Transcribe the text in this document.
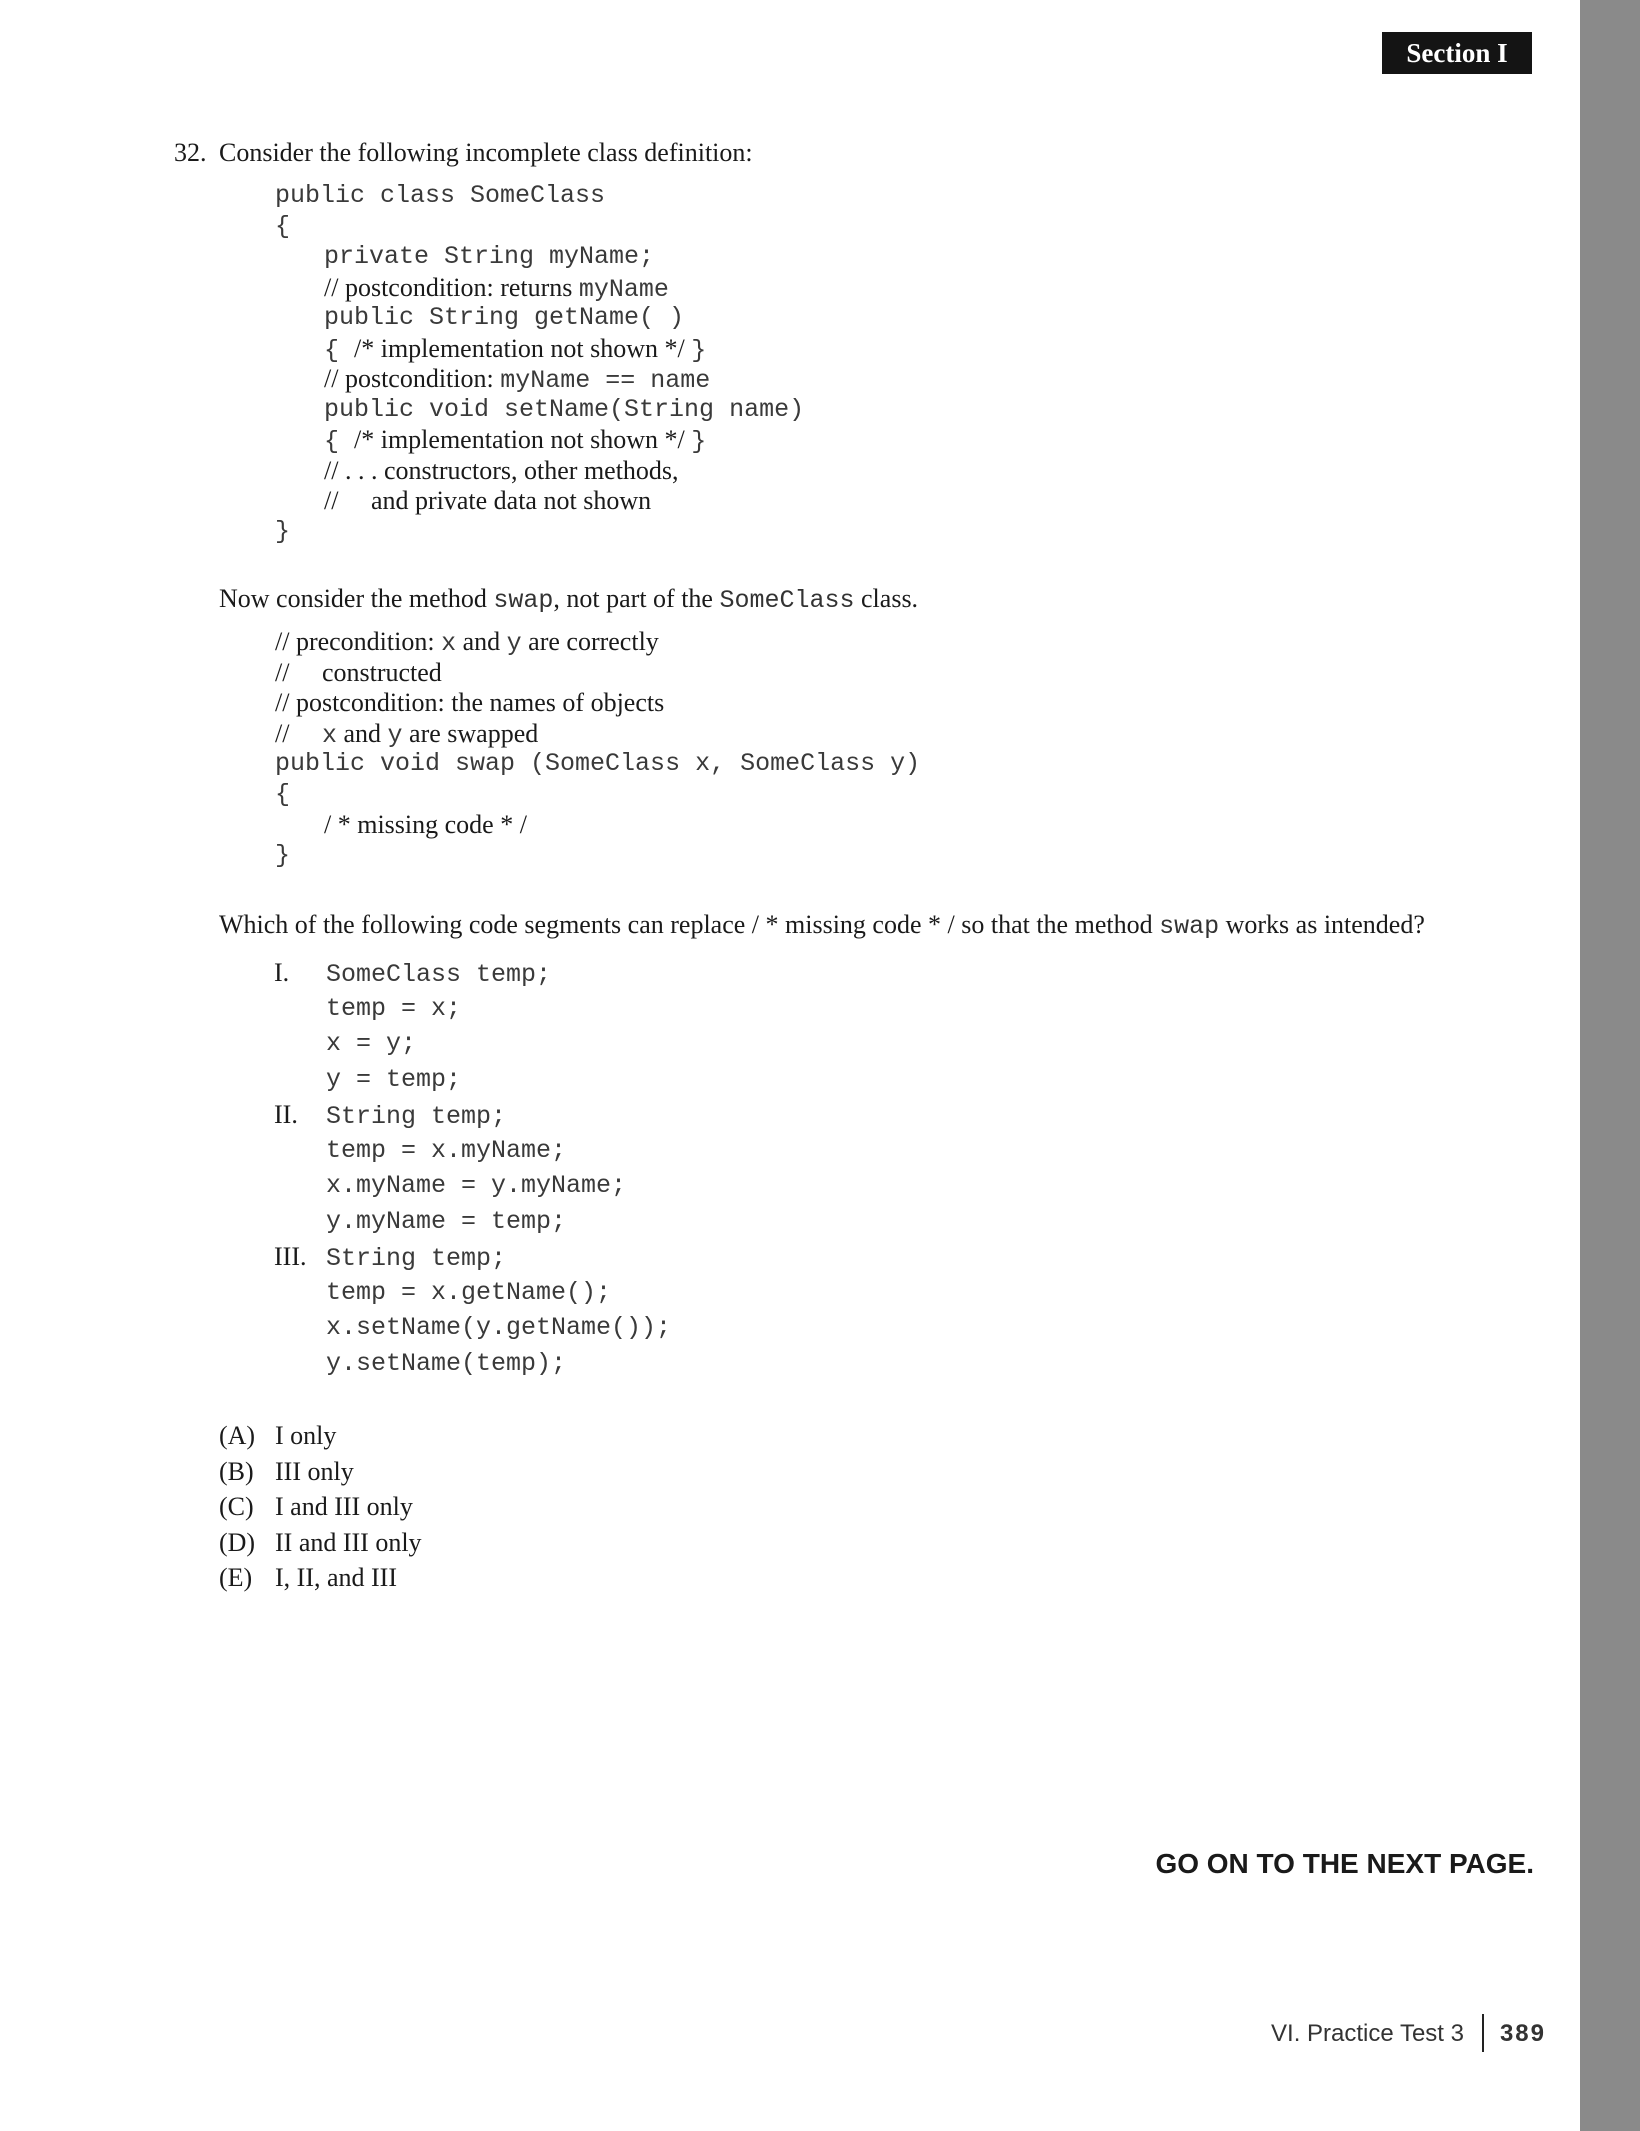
Section I
32. Consider the following incomplete class definition:
public class SomeClass
{
private String myName;
// postcondition: returns myName
public String getName( )
{ /* implementation not shown */ }
// postcondition: myName == name
public void setName(String name)
{ /* implementation not shown */ }
// . . . constructors, other methods,
//     and private data not shown
}
Now consider the method swap, not part of the SomeClass class.
// precondition: x and y are correctly
//     constructed
// postcondition: the names of objects
//     x and y are swapped
public void swap (SomeClass x, SomeClass y)
{
/ * missing code * /
}
Which of the following code segments can replace / * missing code * / so that the method swap works as intended?
I. SomeClass temp;
temp = x;
x = y;
y = temp;
II. String temp;
temp = x.myName;
x.myName = y.myName;
y.myName = temp;
III. String temp;
temp = x.getName();
x.setName(y.getName());
y.setName(temp);
(A) I only
(B) III only
(C) I and III only
(D) II and III only
(E) I, II, and III
GO ON TO THE NEXT PAGE.
VI. Practice Test 3 389
